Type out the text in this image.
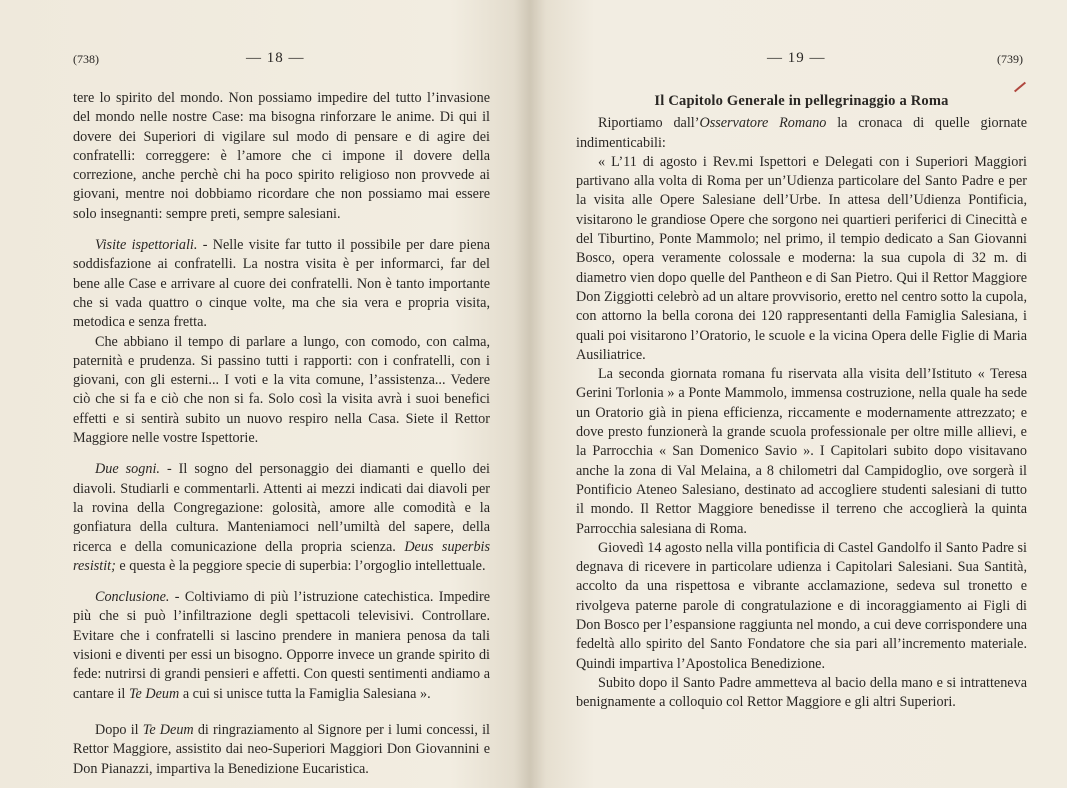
(738)	— 18 —

tere lo spirito del mondo. Non possiamo impedire del tutto l’invasione del mondo nelle nostre Case: ma bisogna rinforzare le anime. Di qui il dovere dei Superiori di vigilare sul modo di pensare e di agire dei confratelli: correggere: è l’amore che ci impone il dovere della correzione, anche perchè chi ha poco spirito religioso non provvede ai giovani, mentre noi dobbiamo ricordare che non possiamo mai essere solo insegnanti: sempre preti, sempre salesiani.

Visite ispettoriali. - Nelle visite far tutto il possibile per dare piena soddisfazione ai confratelli. La nostra visita è per informarci, far del bene alle Case e arrivare al cuore dei confratelli. Non è tanto importante che si vada quattro o cinque volte, ma che sia vera e propria visita, metodica e senza fretta.

Che abbiano il tempo di parlare a lungo, con comodo, con calma, paternità e prudenza. Si passino tutti i rapporti: con i confratelli, con i giovani, con gli esterni... I voti e la vita comune, l’assistenza... Vedere ciò che si fa e ciò che non si fa. Solo così la visita avrà i suoi benefici effetti e si sentirà subito un nuovo respiro nella Casa. Siete il Rettor Maggiore nelle vostre Ispettorie.

Due sogni. - Il sogno del personaggio dei diamanti e quello dei diavoli. Studiarli e commentarli. Attenti ai mezzi indicati dai diavoli per la rovina della Congregazione: golosità, amore alle comodità e la gonfiatura della cultura. Manteniamoci nell’umiltà del sapere, della ricerca e della comunicazione della propria scienza. Deus superbis resistit; e questa è la peggiore specie di superbia: l’orgoglio intellettuale.

Conclusione. - Coltiviamo di più l’istruzione catechistica. Impedire più che si può l’infiltrazione degli spettacoli televisivi. Controllare. Evitare che i confratelli si lascino prendere in maniera penosa da tali visioni e diventi per essi un bisogno. Opporre invece un grande spirito di fede: nutrirsi di grandi pensieri e affetti. Con questi sentimenti andiamo a cantare il Te Deum a cui si unisce tutta la Famiglia Salesiana ».

Dopo il Te Deum di ringraziamento al Signore per i lumi concessi, il Rettor Maggiore, assistito dai neo-Superiori Maggiori Don Giovannini e Don Pianazzi, impartiva la Benedizione Eucaristica.

— 19 —	(739)

Il Capitolo Generale in pellegrinaggio a Roma

Riportiamo dall’Osservatore Romano la cronaca di quelle giornate indimenticabili:

« L’11 di agosto i Rev.mi Ispettori e Delegati con i Superiori Maggiori partivano alla volta di Roma per un’Udienza particolare del Santo Padre e per la visita alle Opere Salesiane dell’Urbe. In attesa dell’Udienza Pontificia, visitarono le grandiose Opere che sorgono nei quartieri periferici di Cinecittà e del Tiburtino, Ponte Mammolo; nel primo, il tempio dedicato a San Giovanni Bosco, opera veramente colossale e moderna: la sua cupola di 32 m. di diametro vien dopo quelle del Pantheon e di San Pietro. Qui il Rettor Maggiore Don Ziggiotti celebrò ad un altare provvisorio, eretto nel centro sotto la cupola, con attorno la bella corona dei 120 rappresentanti della Famiglia Salesiana, i quali poi visitarono l’Oratorio, le scuole e la vicina Opera delle Figlie di Maria Ausiliatrice.

La seconda giornata romana fu riservata alla visita dell’Istituto « Teresa Gerini Torlonia » a Ponte Mammolo, immensa costruzione, nella quale ha sede un Oratorio già in piena efficienza, riccamente e modernamente attrezzato; e dove presto funzionerà la grande scuola professionale per oltre mille allievi, e la Parrocchia « San Domenico Savio ». I Capitolari subito dopo visitavano anche la zona di Val Melaina, a 8 chilometri dal Campidoglio, ove sorgerà il Pontificio Ateneo Salesiano, destinato ad accogliere studenti salesiani di tutto il mondo. Il Rettor Maggiore benedisse il terreno che accoglierà la quinta Parrocchia salesiana di Roma.

Giovedì 14 agosto nella villa pontificia di Castel Gandolfo il Santo Padre si degnava di ricevere in particolare udienza i Capitolari Salesiani. Sua Santità, accolto da una rispettosa e vibrante acclamazione, sedeva sul tronetto e rivolgeva paterne parole di congratulazione e di incoraggiamento ai Figli di Don Bosco per l’espansione raggiunta nel mondo, a cui deve corrispondere una fedeltà allo spirito del Santo Fondatore che sia pari all’incremento materiale. Quindi impartiva l’Apostolica Benedizione.

Subito dopo il Santo Padre ammetteva al bacio della mano e si intratteneva benignamente a colloquio col Rettor Maggiore e gli altri Superiori.
